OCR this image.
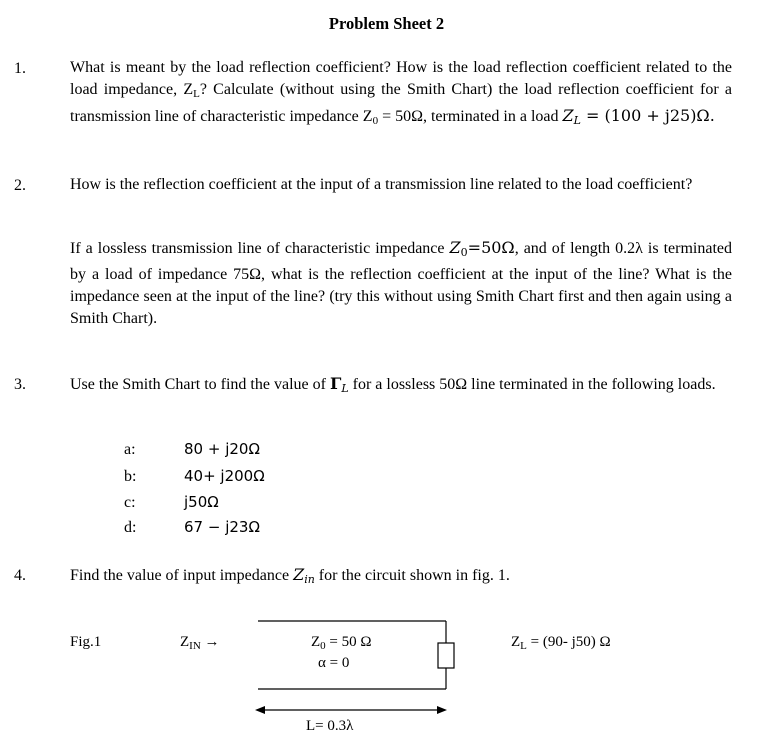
Problem Sheet 2
1.	What is meant by the load reflection coefficient? How is the load reflection coefficient related to the load impedance, $Z_L$? Calculate (without using the Smith Chart) the load reflection coefficient for a transmission line of characteristic impedance $Z_0 = 50\Omega$, terminated in a load $Z_L = (100 + j25)\Omega$.
2.	How is the reflection coefficient at the input of a transmission line related to the load coefficient?
If a lossless transmission line of characteristic impedance $Z_0=50\Omega$, and of length 0.2λ is terminated by a load of impedance 75Ω, what is the reflection coefficient at the input of the line? What is the impedance seen at the input of the line? (try this without using Smith Chart first and then again using a Smith Chart).
3.	Use the Smith Chart to find the value of $\Gamma_L$ for a lossless 50Ω line terminated in the following loads.
a:	80 + j20Ω
b:	40+ j200Ω
c:	j50Ω
d:	67 − j23Ω
4.	Find the value of input impedance $Z_{in}$ for the circuit shown in fig. 1.
Fig.1	$Z_{IN}$ →	$Z_0 = 50$ Ω
α = 0
$Z_L = (90-$ j50) Ω
L= 0.3λ
